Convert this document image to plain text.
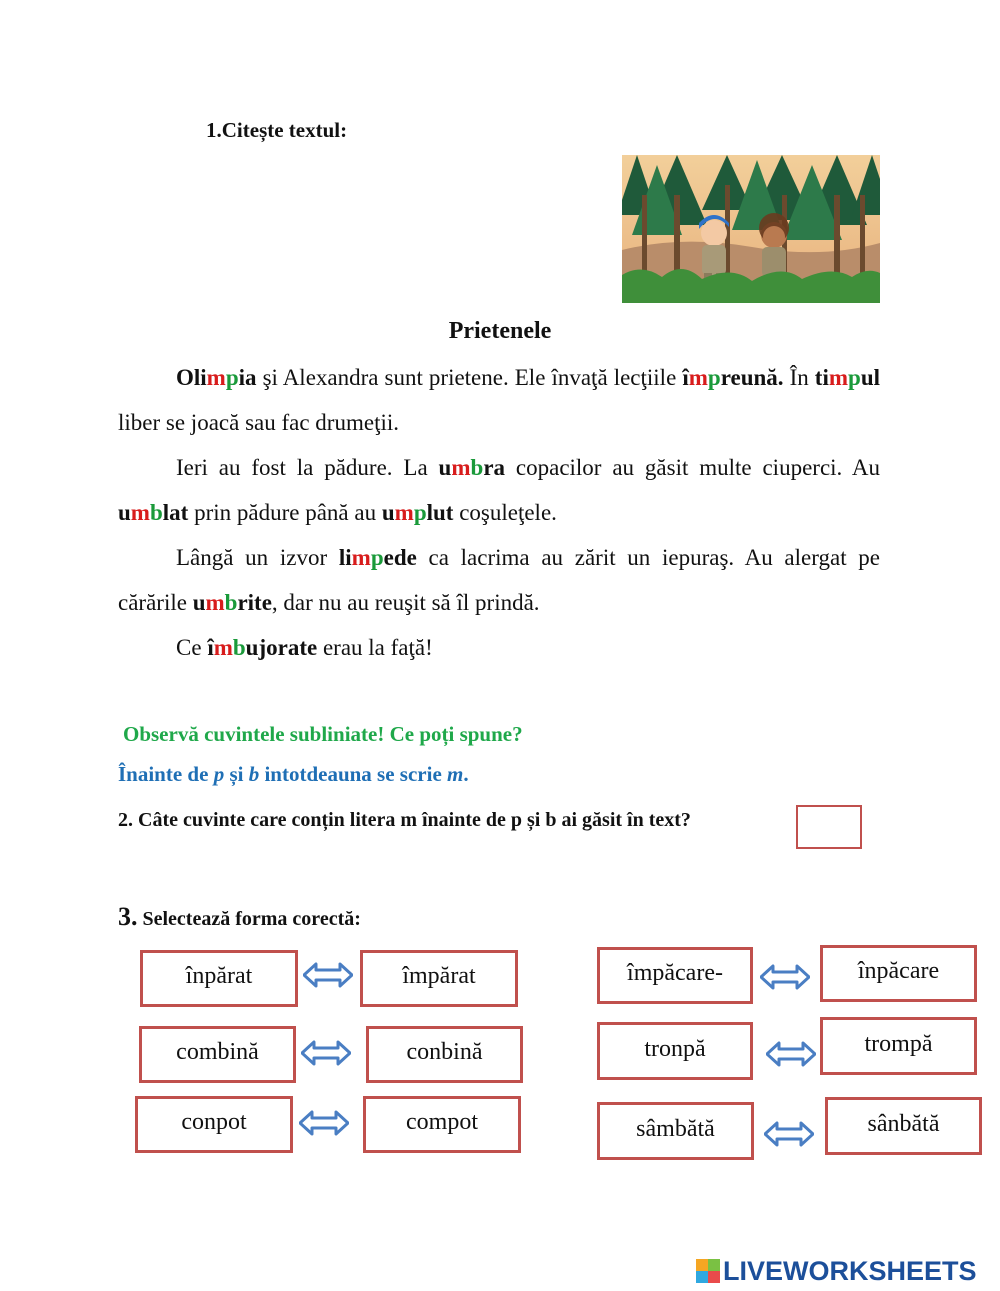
1.Citește textul:
Prietenele
Olimpia şi Alexandra sunt prietene. Ele învaţă lecţiile împreună. În timpul liber se joacă sau fac drumeţii.
Ieri au fost la pădure. La umbra copacilor au găsit multe ciuperci. Au umblat prin pădure până au umplut coşuleţele.
Lângă un izvor limpede ca lacrima au zărit un iepuraş. Au alergat pe cărările umbrite, dar nu au reuşit să îl prindă.
Ce îmbujorate erau la faţă!
Observă cuvintele subliniate! Ce poți spune?
Înainte de p și b intotdeauna se scrie m.
2. Câte cuvinte care conțin litera m înainte de p și b ai găsit în text?
3. Selectează forma corectă:
înpărat	împărat
combină	conbină
conpot	compot
împăcare-	înpăcare
tronpă	trompă
sâmbătă	sânbătă
LIVEWORKSHEETS
